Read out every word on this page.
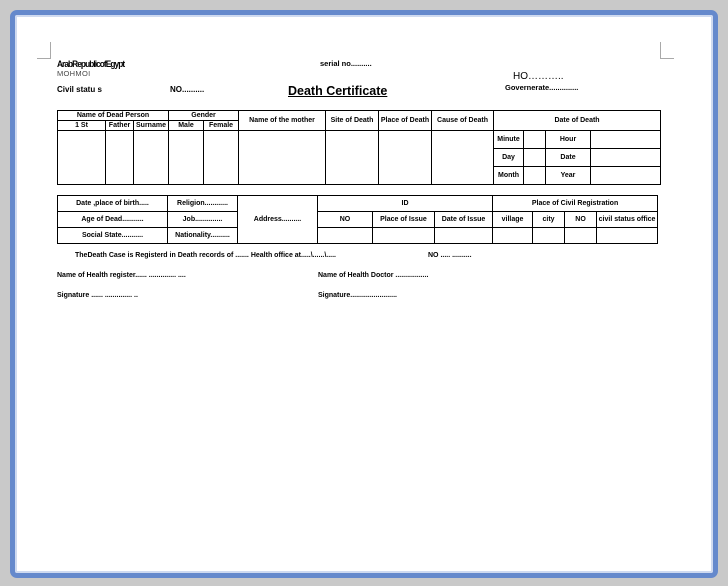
ArabRepublicofEgypt
MOHMOI
Civil statu s	NO..........
serial no..........
Death Certificate
HO………..
Governerate..............
Name of Dead Person			Gender		Name of the mother	Site of Death	Place of Death	Cause of Death	Date of Death			
1 St	Father	Surname	Male	Female								
									Minute		Hour	
									Day		Date	
									Month		Year	
Date ,place of birth.....	Religion............	Address..........	ID			Place of Civil Registration			
Age of Dead...........	Job..............		NO	Place of Issue	Date of Issue	village	city	NO	civil status office
Social State...........	Nationality..........								
TheDeath Case is Registerd in Death records of ....... Health office at.....\......\.....	NO ..... ..........
Name of Health register...... .............. ....	Name of Health Doctor .................
Signature ...... .............. ..	Signature........................
